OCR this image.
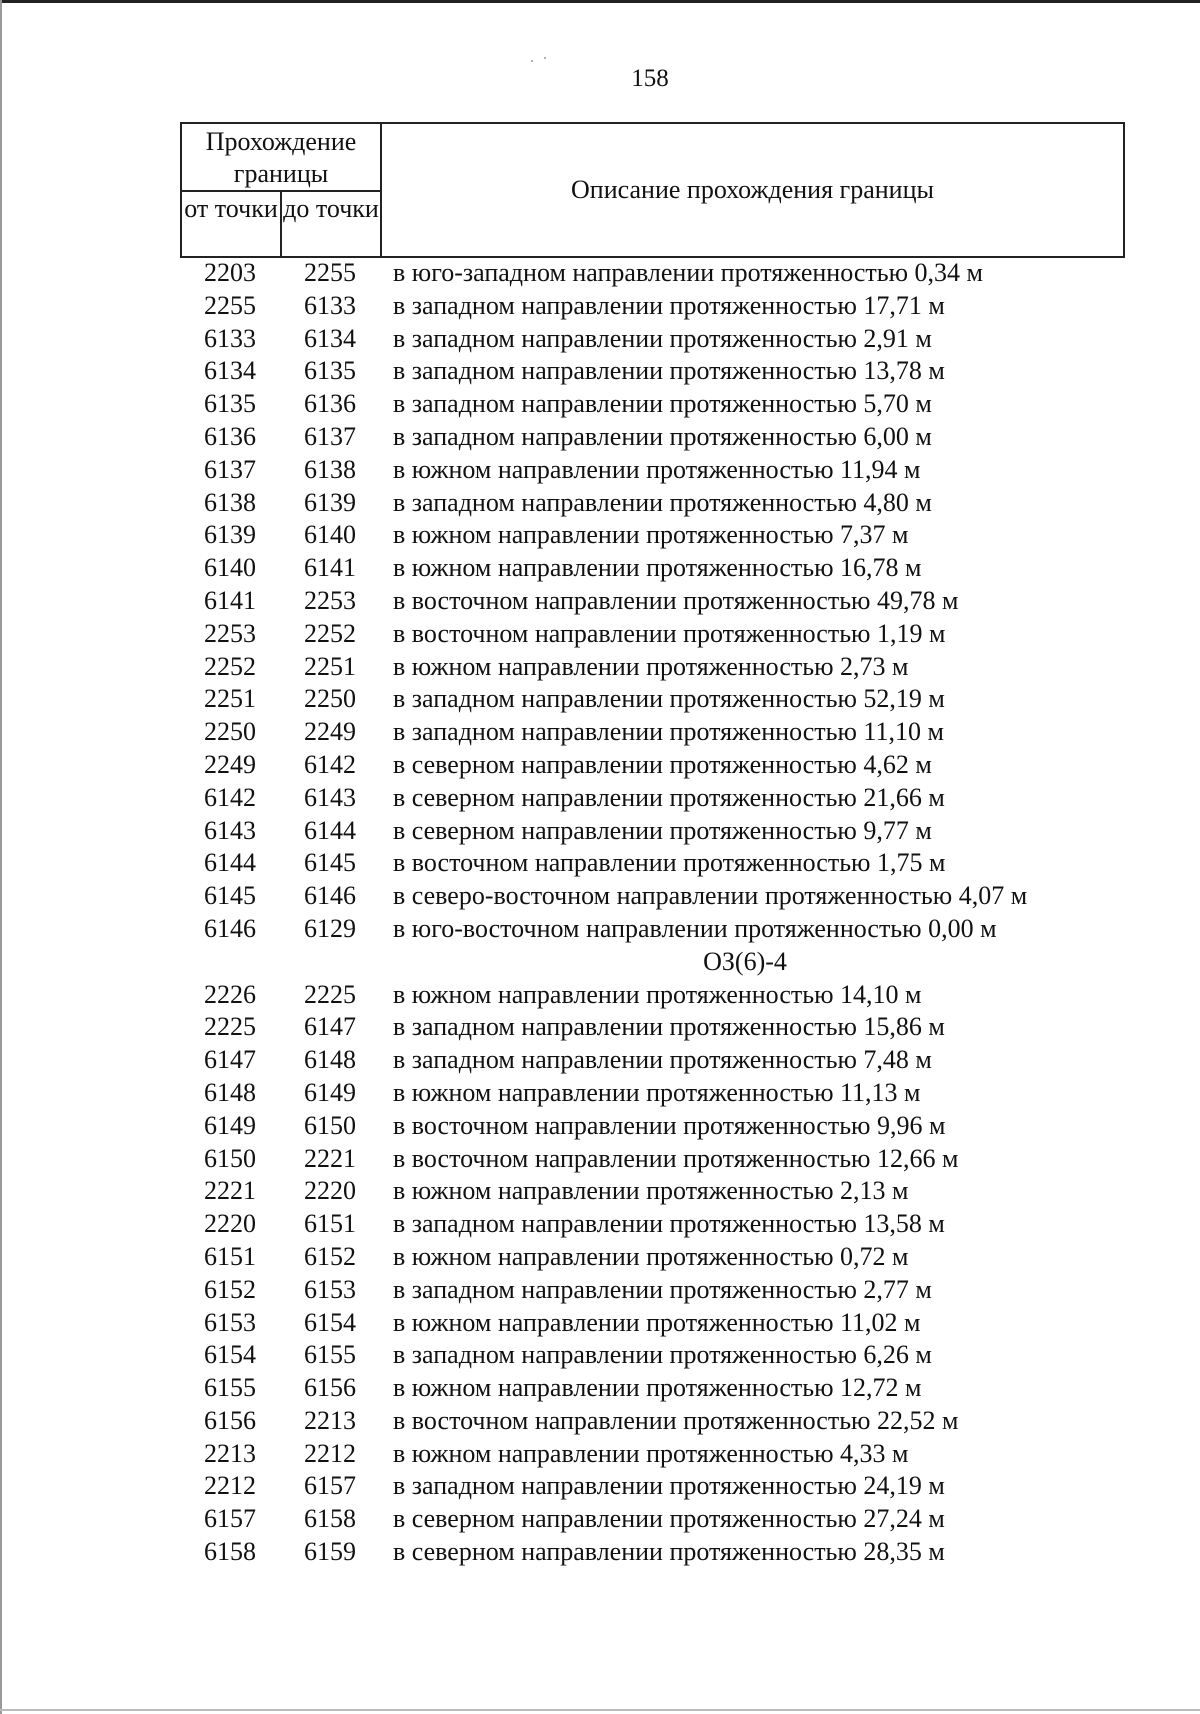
158
Прохождение границы
от точки до точки
Описание прохождения границы
2203	2255	в юго-западном направлении протяженностью 0,34 м
2255	6133	в западном направлении протяженностью 17,71 м
6133	6134	в западном направлении протяженностью 2,91 м
6134	6135	в западном направлении протяженностью 13,78 м
6135	6136	в западном направлении протяженностью 5,70 м
6136	6137	в западном направлении протяженностью 6,00 м
6137	6138	в южном направлении протяженностью 11,94 м
6138	6139	в западном направлении протяженностью 4,80 м
6139	6140	в южном направлении протяженностью 7,37 м
6140	6141	в южном направлении протяженностью 16,78 м
6141	2253	в восточном направлении протяженностью 49,78 м
2253	2252	в восточном направлении протяженностью 1,19 м
2252	2251	в южном направлении протяженностью 2,73 м
2251	2250	в западном направлении протяженностью 52,19 м
2250	2249	в западном направлении протяженностью 11,10 м
2249	6142	в северном направлении протяженностью 4,62 м
6142	6143	в северном направлении протяженностью 21,66 м
6143	6144	в северном направлении протяженностью 9,77 м
6144	6145	в восточном направлении протяженностью 1,75 м
6145	6146	в северо-восточном направлении протяженностью 4,07 м
6146	6129	в юго-восточном направлении протяженностью 0,00 м
ОЗ(6)-4
2226	2225	в южном направлении протяженностью 14,10 м
2225	6147	в западном направлении протяженностью 15,86 м
6147	6148	в западном направлении протяженностью 7,48 м
6148	6149	в южном направлении протяженностью 11,13 м
6149	6150	в восточном направлении протяженностью 9,96 м
6150	2221	в восточном направлении протяженностью 12,66 м
2221	2220	в южном направлении протяженностью 2,13 м
2220	6151	в западном направлении протяженностью 13,58 м
6151	6152	в южном направлении протяженностью 0,72 м
6152	6153	в западном направлении протяженностью 2,77 м
6153	6154	в южном направлении протяженностью 11,02 м
6154	6155	в западном направлении протяженностью 6,26 м
6155	6156	в южном направлении протяженностью 12,72 м
6156	2213	в восточном направлении протяженностью 22,52 м
2213	2212	в южном направлении протяженностью 4,33 м
2212	6157	в западном направлении протяженностью 24,19 м
6157	6158	в северном направлении протяженностью 27,24 м
6158	6159	в северном направлении протяженностью 28,35 м
